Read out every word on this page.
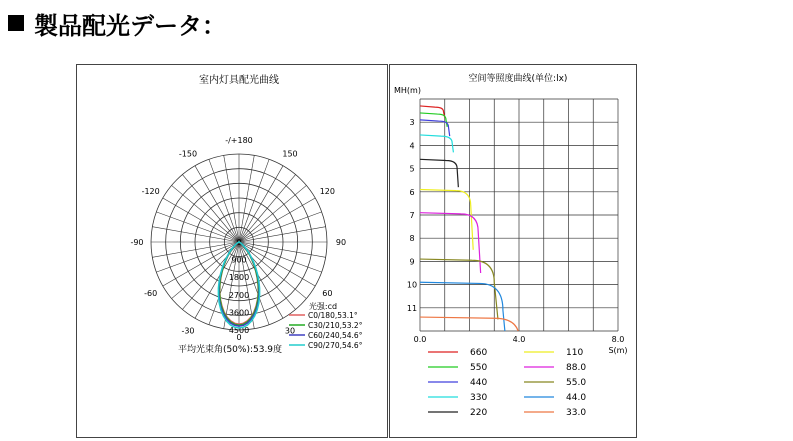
製品配光データ：
室内灯具配光曲线
-/+180
-150	150
-120	120
-90	90
-60	60
-30	30
0
900
1800
2700
3600
4500
0
光强:cd
C0/180,53.1°
C30/210,53.2°
C60/240,54.6°
C90/270,54.6°
平均光束角(50%):53.9度
空间等照度曲线(单位:lx)
MH(m)
3
4
5
6
7
8
9
10
11
0.0	4.0	8.0
S(m)
660
550
440
330
220
110
88.0
55.0
44.0
33.0
